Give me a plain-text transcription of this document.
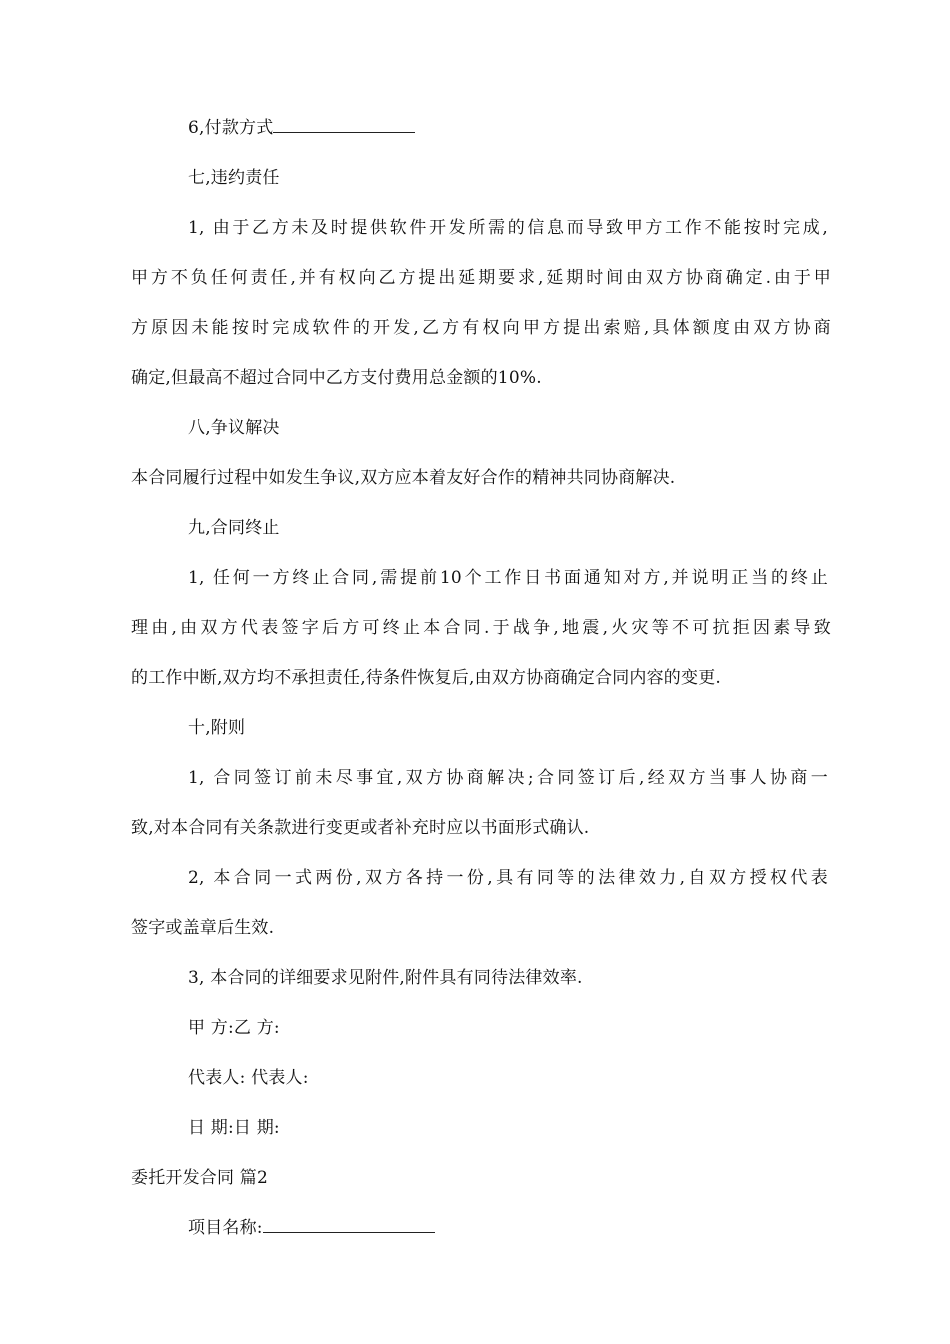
6,付款方式
七,违约责任
1, 由于乙方未及时提供软件开发所需的信息而导致甲方工作不能按时完成,
甲方不负任何责任,并有权向乙方提出延期要求,延期时间由双方协商确定.由于甲
方原因未能按时完成软件的开发,乙方有权向甲方提出索赔,具体额度由双方协商
确定,但最高不超过合同中乙方支付费用总金额的10%.
八,争议解决
本合同履行过程中如发生争议,双方应本着友好合作的精神共同协商解决.
九,合同终止
1, 任何一方终止合同,需提前10个工作日书面通知对方,并说明正当的终止
理由,由双方代表签字后方可终止本合同.于战争,地震,火灾等不可抗拒因素导致
的工作中断,双方均不承担责任,待条件恢复后,由双方协商确定合同内容的变更.
十,附则
1, 合同签订前未尽事宜,双方协商解决;合同签订后,经双方当事人协商一
致,对本合同有关条款进行变更或者补充时应以书面形式确认.
2, 本合同一式两份,双方各持一份,具有同等的法律效力,自双方授权代表
签字或盖章后生效.
3, 本合同的详细要求见附件,附件具有同待法律效率.
甲 方:乙 方:
代表人: 代表人:
日 期:日 期:
委托开发合同 篇2
项目名称:
